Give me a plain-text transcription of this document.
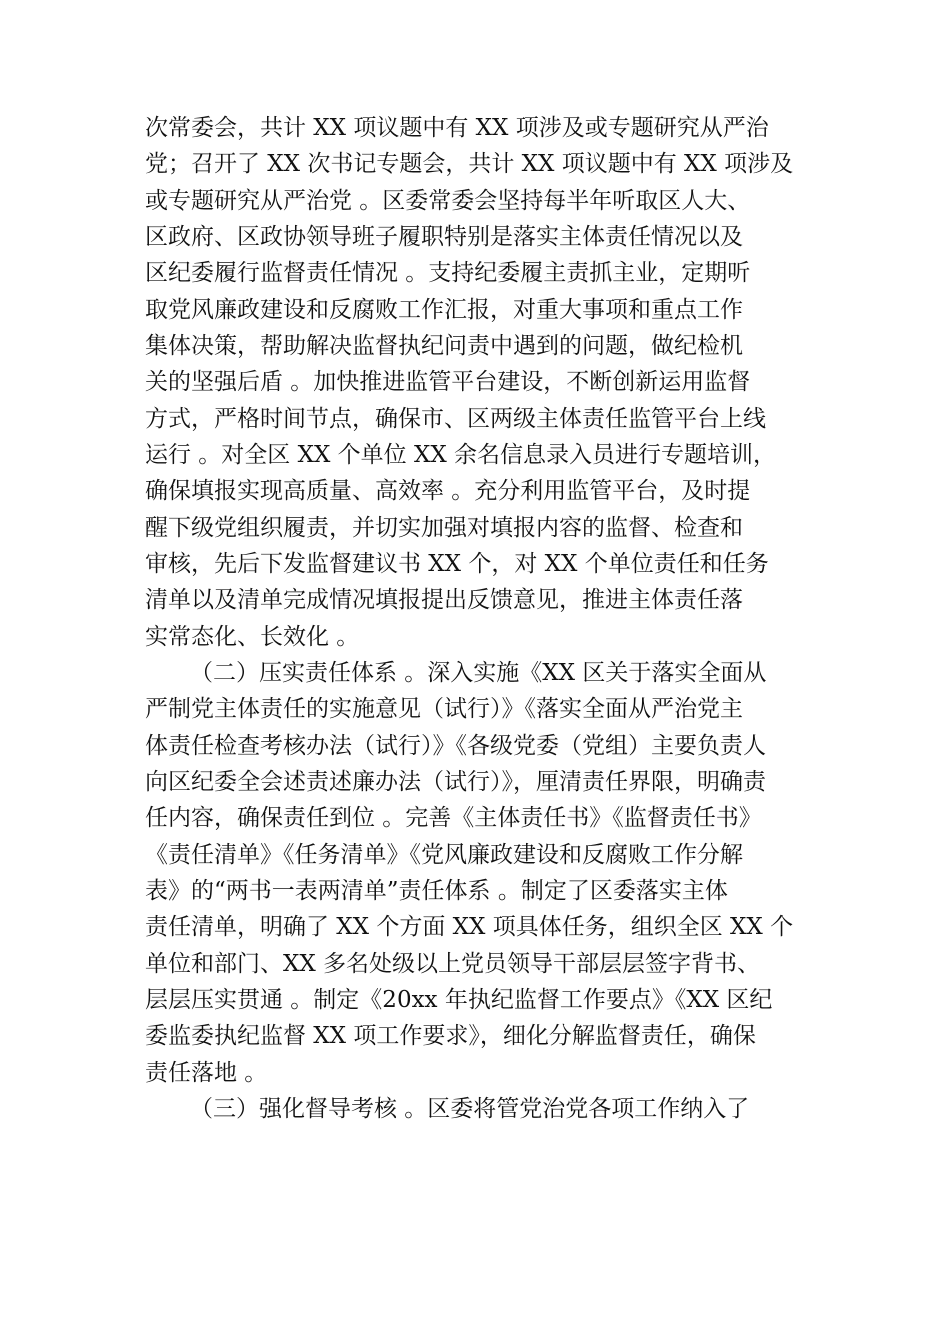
次常委会，共计 XX 项议题中有 XX 项涉及或专题研究从严治
党；召开了 XX 次书记专题会，共计 XX 项议题中有 XX 项涉及
或专题研究从严治党 。区委常委会坚持每半年听取区人大、
区政府、区政协领导班子履职特别是落实主体责任情况以及
区纪委履行监督责任情况 。支持纪委履主责抓主业，定期听
取党风廉政建设和反腐败工作汇报，对重大事项和重点工作
集体决策，帮助解决监督执纪问责中遇到的问题，做纪检机
关的坚强后盾 。加快推进监管平台建设，不断创新运用监督
方式，严格时间节点，确保市、区两级主体责任监管平台上线
运行 。对全区 XX 个单位 XX 余名信息录入员进行专题培训，
确保填报实现高质量、高效率 。充分利用监管平台，及时提
醒下级党组织履责，并切实加强对填报内容的监督、检查和
审核，先后下发监督建议书 XX 个，对 XX 个单位责任和任务
清单以及清单完成情况填报提出反馈意见，推进主体责任落
实常态化、长效化 。
（二）压实责任体系 。深入实施《XX 区关于落实全面从
严制党主体责任的实施意见（试行）》《落实全面从严治党主
体责任检查考核办法（试行）》《各级党委（党组）主要负责人
向区纪委全会述责述廉办法（试行）》，厘清责任界限，明确责
任内容，确保责任到位 。完善《主体责任书》《监督责任书》
《责任清单》《任务清单》《党风廉政建设和反腐败工作分解
表》的“两书一表两清单”责任体系 。制定了区委落实主体
责任清单，明确了 XX 个方面 XX 项具体任务，组织全区 XX 个
单位和部门、XX 多名处级以上党员领导干部层层签字背书、
层层压实贯通 。制定《20xx 年执纪监督工作要点》《XX 区纪
委监委执纪监督 XX 项工作要求》，细化分解监督责任，确保
责任落地 。
（三）强化督导考核 。区委将管党治党各项工作纳入了
